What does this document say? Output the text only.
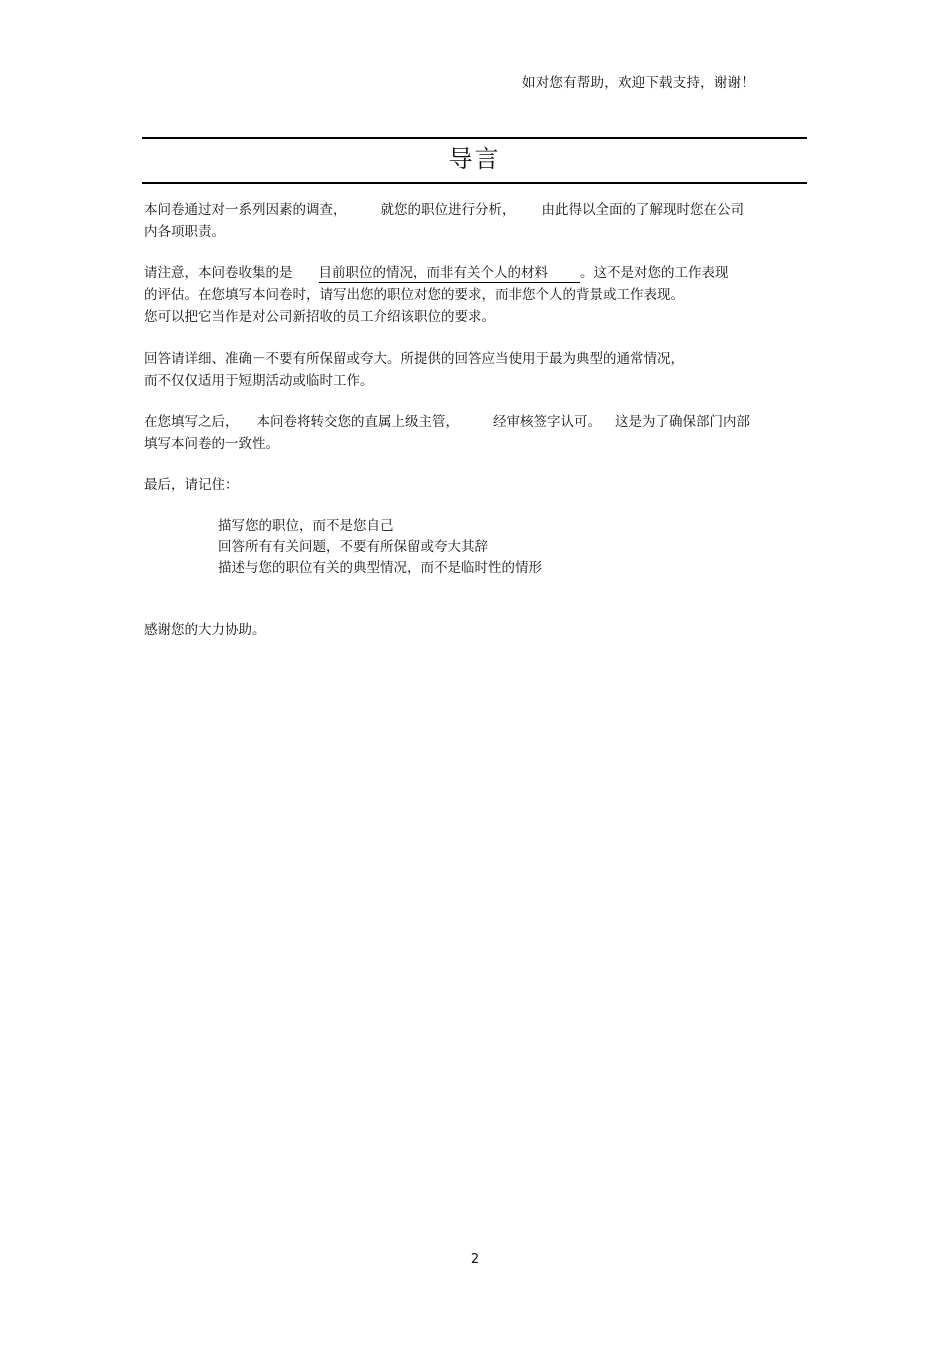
如对您有帮助，欢迎下载支持，谢谢！
导言

本问卷通过对一系列因素的调查，	就您的职位进行分析， 由此得以全面的了解现时您在公司

内各项职责。

请注意，本问卷收集的是 目前职位的情况，而非有关个人的材料 。这不是对您的工作表现

的评估。在您填写本问卷时，请写出您的职位对您的要求，而非您个人的背景或工作表现。

您可以把它当作是对公司新招收的员工介绍该职位的要求。

回答请详细、准确－不要有所保留或夸大。所提供的回答应当使用于最为典型的通常情况，

而不仅仅适用于短期活动或临时工作。

在您填写之后， 本问卷将转交您的直属上级主管，	经审核签字认可。 这是为了确保部门内部

填写本问卷的一致性。

最后，请记住：

描写您的职位，而不是您自己
回答所有有关问题，不要有所保留或夸大其辞
描述与您的职位有关的典型情况，而不是临时性的情形

感谢您的大力协助。

2
